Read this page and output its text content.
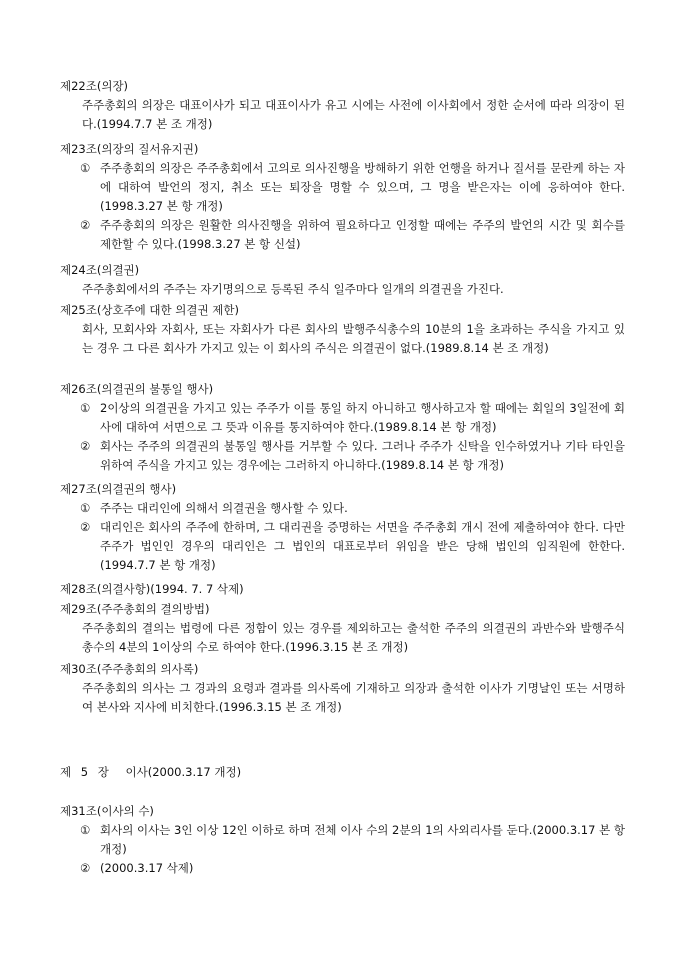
제22조(의장)
주주총회의 의장은 대표이사가 되고 대표이사가 유고 시에는 사전에 이사회에서 정한 순서에 따라 의장이 된다.(1994.7.7 본 조 개정)
제23조(의장의 질서유지권)
① 주주총회의 의장은 주주총회에서 고의로 의사진행을 방해하기 위한 언행을 하거나 질서를 문란케 하는 자에 대하여 발언의 정지, 취소 또는 퇴장을 명할 수 있으며, 그 명을 받은자는 이에 응하여야 한다.(1998.3.27 본 항 개정)
② 주주총회의 의장은 원활한 의사진행을 위하여 필요하다고 인정할 때에는 주주의 발언의 시간 및 회수를 제한할 수 있다.(1998.3.27 본 항 신설)
제24조(의결권)
주주총회에서의 주주는 자기명의으로 등록된 주식 일주마다 일개의 의결권을 가진다.
제25조(상호주에 대한 의결권 제한)
회사, 모회사와 자회사, 또는 자회사가 다른 회사의 발행주식총수의 10분의 1을 초과하는 주식을 가지고 있는 경우 그 다른 회사가 가지고 있는 이 회사의 주식은 의결권이 없다.(1989.8.14 본 조 개정)
제26조(의결권의 불통일 행사)
① 2이상의 의결권을 가지고 있는 주주가 이를 통일 하지 아니하고 행사하고자 할 때에는 회일의 3일전에 회사에 대하여 서면으로 그 뜻과 이유를 통지하여야 한다.(1989.8.14 본 항 개정)
② 회사는 주주의 의결권의 불통일 행사를 거부할 수 있다. 그러나 주주가 신탁을 인수하였거나 기타 타인을 위하여 주식을 가지고 있는 경우에는 그러하지 아니하다.(1989.8.14 본 항 개정)
제27조(의결권의 행사)
① 주주는 대리인에 의해서 의결권을 행사할 수 있다.
② 대리인은 회사의 주주에 한하며, 그 대리권을 증명하는 서면을 주주총회 개시 전에 제출하여야 한다. 다만 주주가 법인인 경우의 대리인은 그 법인의 대표로부터 위임을 받은 당해 법인의 임직원에 한한다. (1994.7.7 본 항 개정)
제28조(의결사항)(1994. 7. 7 삭제)
제29조(주주총회의 결의방법)
주주총회의 결의는 법령에 다른 정함이 있는 경우를 제외하고는 출석한 주주의 의결권의 과반수와 발행주식 총수의 4분의 1이상의 수로 하여야 한다.(1996.3.15 본 조 개정)
제30조(주주총회의 의사록)
주주총회의 의사는 그 경과의 요령과 결과를 의사록에 기재하고 의장과 출석한 이사가 기명날인 또는 서명하여 본사와 지사에 비치한다.(1996.3.15 본 조 개정)
제 5 장 이사(2000.3.17 개정)
제31조(이사의 수)
① 회사의 이사는 3인 이상 12인 이하로 하며 전체 이사 수의 2분의 1의 사외리사를 둔다.(2000.3.17 본 항 개정)
② (2000.3.17 삭제)
